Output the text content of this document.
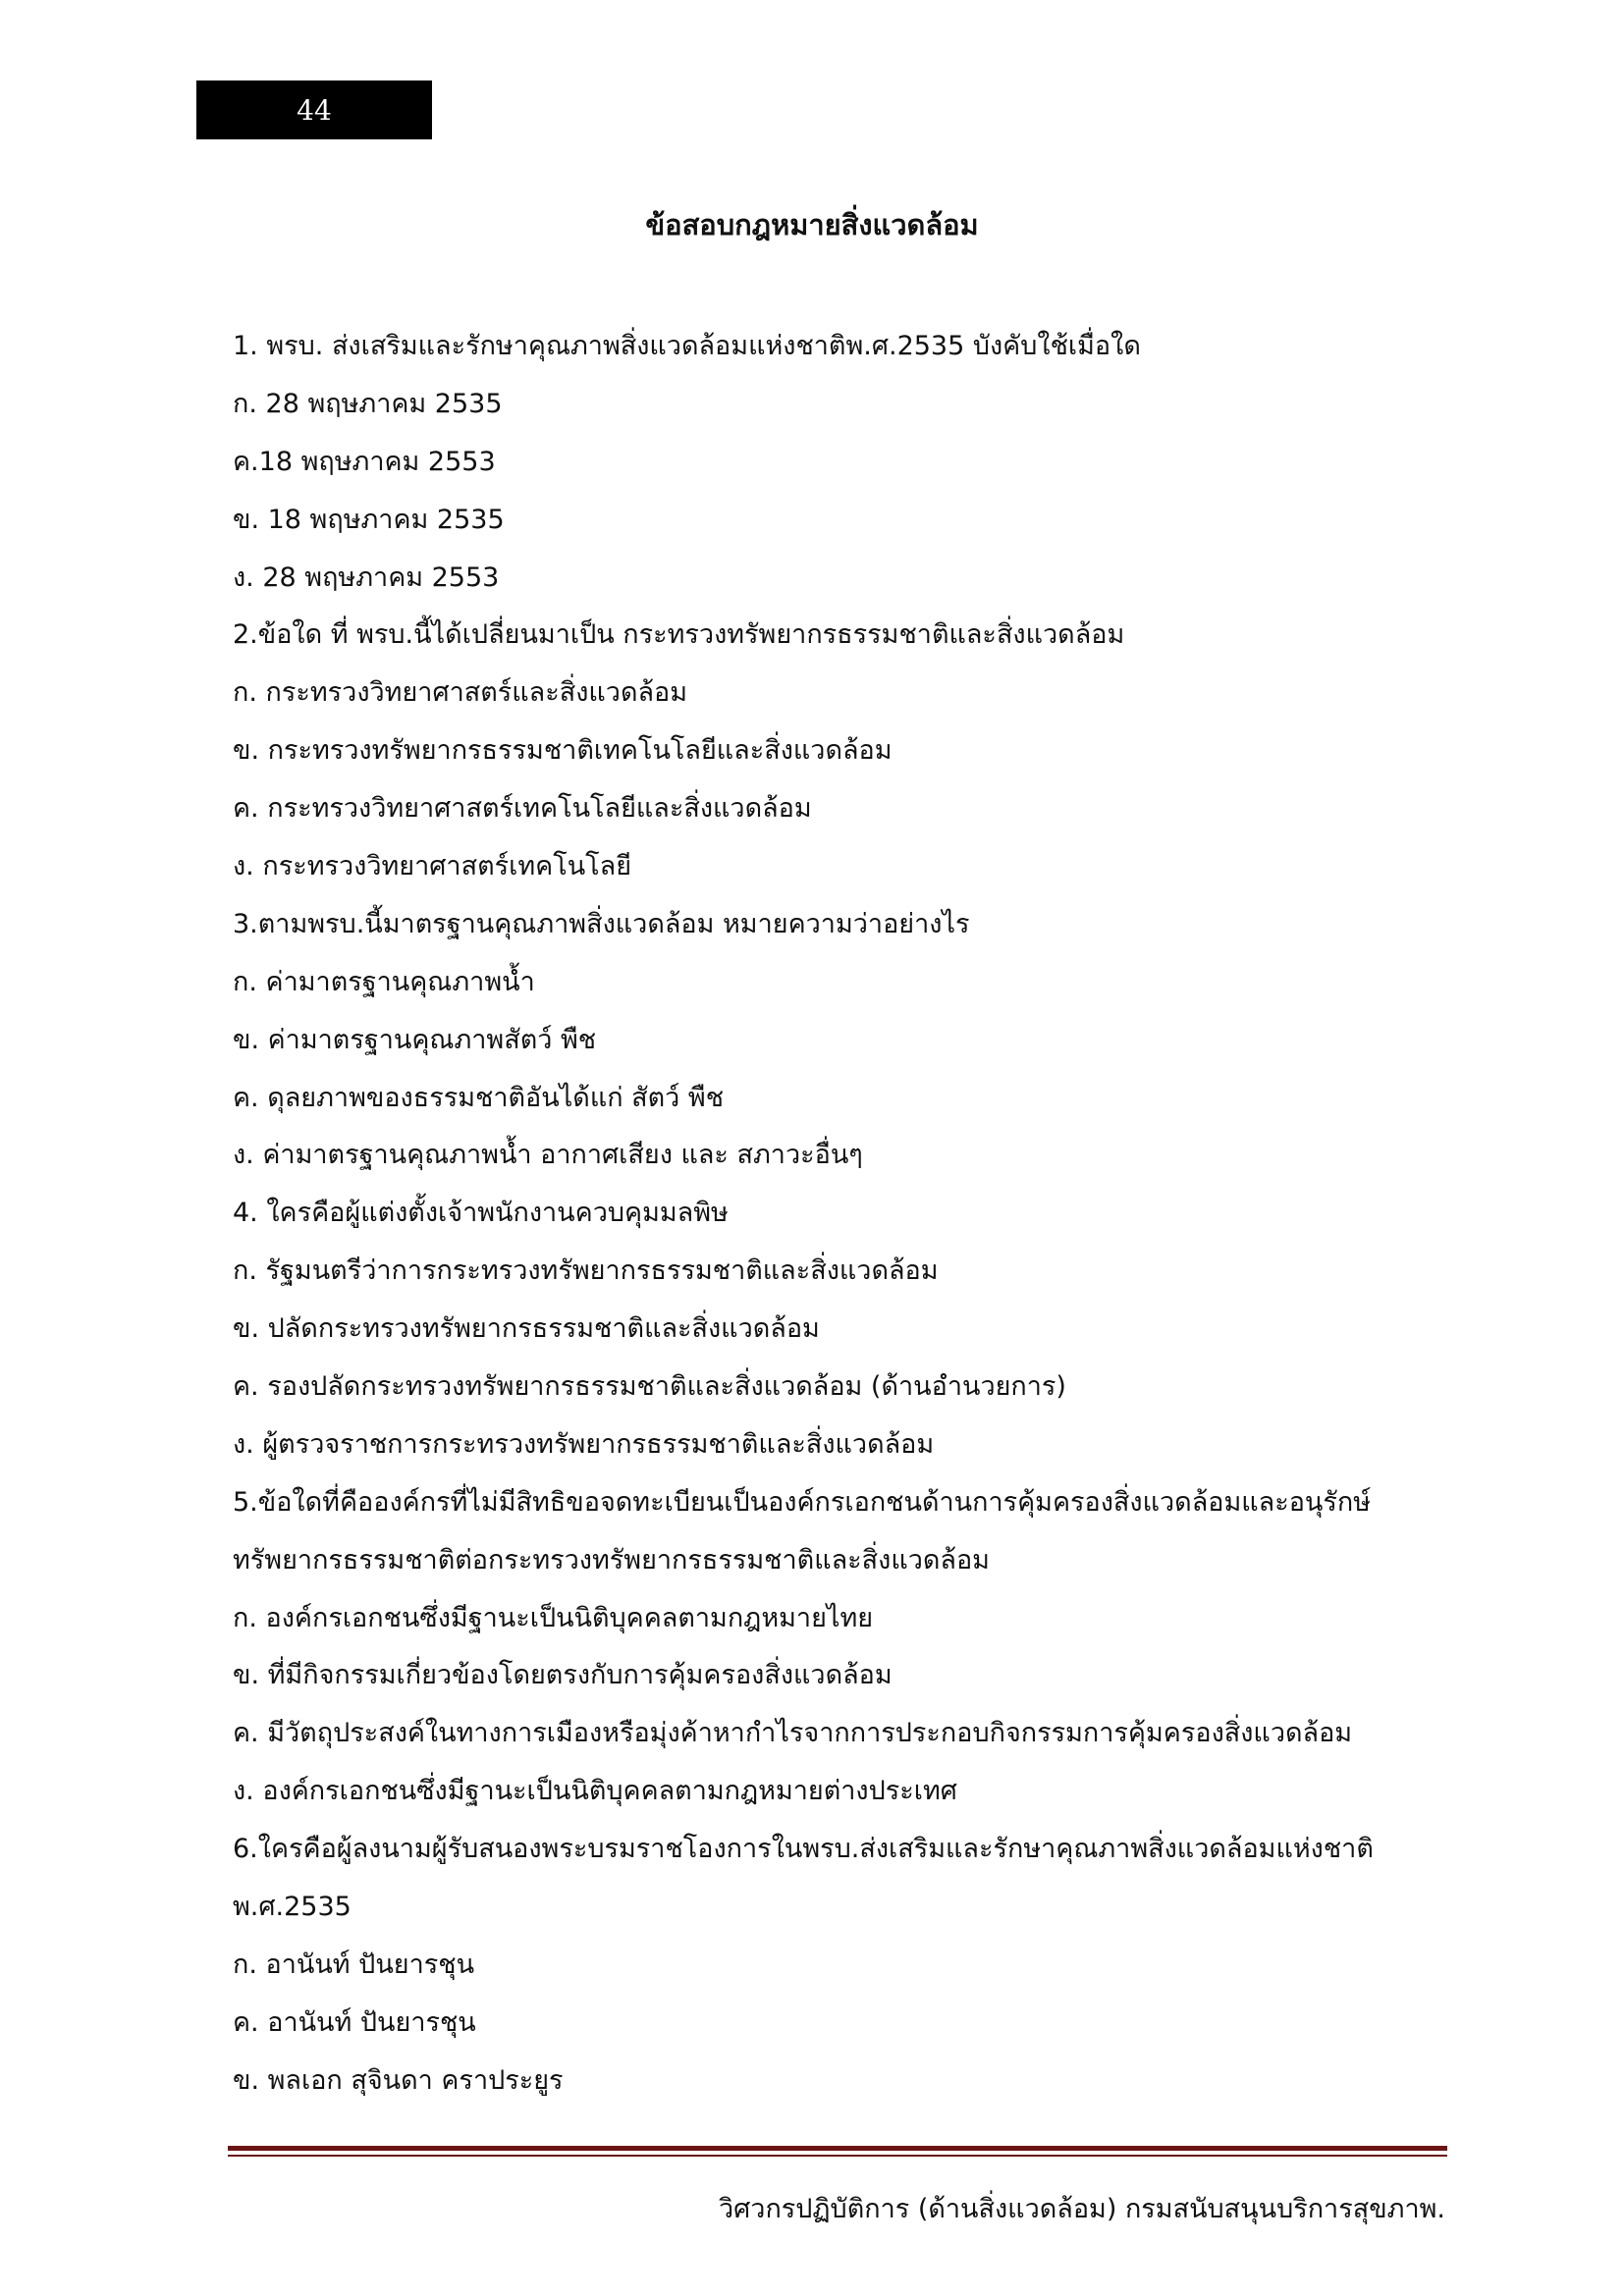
44
ข้อสอบกฎหมายสิ่งแวดล้อม
1. พรบ. ส่งเสริมและรักษาคุณภาพสิ่งแวดล้อมแห่งชาติพ.ศ.2535 บังคับใช้เมื่อใด
ก. 28 พฤษภาคม 2535
ค.18 พฤษภาคม 2553
ข. 18 พฤษภาคม 2535
ง. 28 พฤษภาคม 2553
2.ข้อใด ที่ พรบ.นี้ได้เปลี่ยนมาเป็น กระทรวงทรัพยากรธรรมชาติและสิ่งแวดล้อม
ก. กระทรวงวิทยาศาสตร์และสิ่งแวดล้อม
ข. กระทรวงทรัพยากรธรรมชาติเทคโนโลยีและสิ่งแวดล้อม
ค. กระทรวงวิทยาศาสตร์เทคโนโลยีและสิ่งแวดล้อม
ง. กระทรวงวิทยาศาสตร์เทคโนโลยี
3.ตามพรบ.นี้มาตรฐานคุณภาพสิ่งแวดล้อม หมายความว่าอย่างไร
ก. ค่ามาตรฐานคุณภาพน้ำ
ข. ค่ามาตรฐานคุณภาพสัตว์ พืช
ค. ดุลยภาพของธรรมชาติอันได้แก่ สัตว์ พืช
ง. ค่ามาตรฐานคุณภาพน้ำ อากาศเสียง และ สภาวะอื่นๆ
4. ใครคือผู้แต่งตั้งเจ้าพนักงานควบคุมมลพิษ
ก. รัฐมนตรีว่าการกระทรวงทรัพยากรธรรมชาติและสิ่งแวดล้อม
ข. ปลัดกระทรวงทรัพยากรธรรมชาติและสิ่งแวดล้อม
ค. รองปลัดกระทรวงทรัพยากรธรรมชาติและสิ่งแวดล้อม (ด้านอำนวยการ)
ง. ผู้ตรวจราชการกระทรวงทรัพยากรธรรมชาติและสิ่งแวดล้อม
5.ข้อใดที่คือองค์กรที่ไม่มีสิทธิขอจดทะเบียนเป็นองค์กรเอกชนด้านการคุ้มครองสิ่งแวดล้อมและอนุรักษ์
ทรัพยากรธรรมชาติต่อกระทรวงทรัพยากรธรรมชาติและสิ่งแวดล้อม
ก. องค์กรเอกชนซึ่งมีฐานะเป็นนิติบุคคลตามกฎหมายไทย
ข. ที่มีกิจกรรมเกี่ยวข้องโดยตรงกับการคุ้มครองสิ่งแวดล้อม
ค. มีวัตถุประสงค์ในทางการเมืองหรือมุ่งค้าหากำไรจากการประกอบกิจกรรมการคุ้มครองสิ่งแวดล้อม
ง. องค์กรเอกชนซึ่งมีฐานะเป็นนิติบุคคลตามกฎหมายต่างประเทศ
6.ใครคือผู้ลงนามผู้รับสนองพระบรมราชโองการในพรบ.ส่งเสริมและรักษาคุณภาพสิ่งแวดล้อมแห่งชาติ
พ.ศ.2535
ก. อานันท์ ปันยารชุน
ค. อานันท์ ปันยารชุน
ข. พลเอก สุจินดา คราประยูร
วิศวกรปฏิบัติการ (ด้านสิ่งแวดล้อม) กรมสนับสนุนบริการสุขภาพ.
